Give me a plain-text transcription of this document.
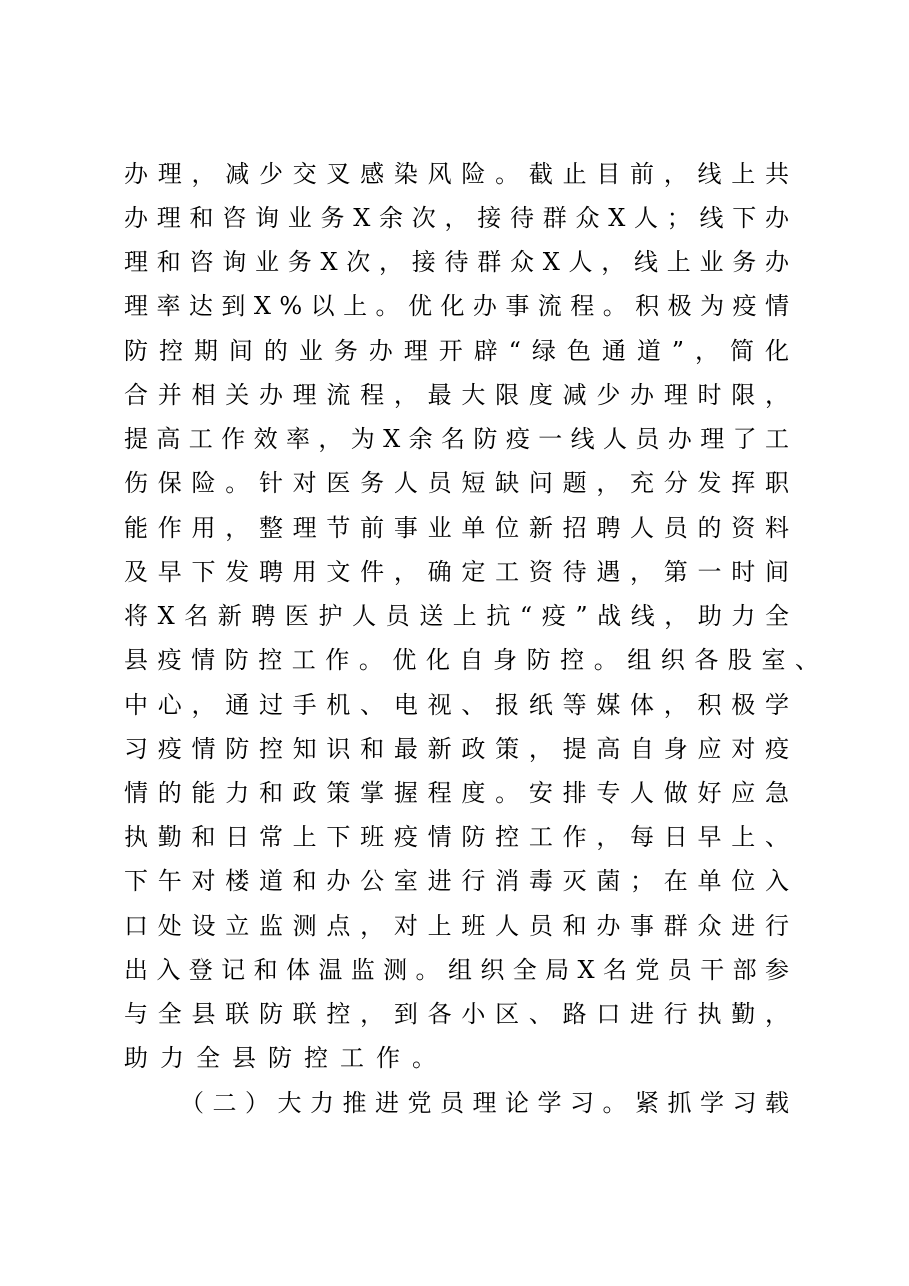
办理，减少交叉感染风险。截止目前，线上共
办理和咨询业务X余次，接待群众X人；线下办
理和咨询业务X次，接待群众X人，线上业务办
理率达到X%以上。优化办事流程。积极为疫情
防控期间的业务办理开辟“绿色通道”，简化
合并相关办理流程，最大限度减少办理时限，
提高工作效率，为X余名防疫一线人员办理了工
伤保险。针对医务人员短缺问题，充分发挥职
能作用，整理节前事业单位新招聘人员的资料
及早下发聘用文件，确定工资待遇，第一时间
将X名新聘医护人员送上抗“疫”战线，助力全
县疫情防控工作。优化自身防控。组织各股室、
中心，通过手机、电视、报纸等媒体，积极学
习疫情防控知识和最新政策，提高自身应对疫
情的能力和政策掌握程度。安排专人做好应急
执勤和日常上下班疫情防控工作，每日早上、
下午对楼道和办公室进行消毒灭菌；在单位入
口处设立监测点，对上班人员和办事群众进行
出入登记和体温监测。组织全局X名党员干部参
与全县联防联控，到各小区、路口进行执勤，
助力全县防控工作。
（二）大力推进党员理论学习。紧抓学习载
